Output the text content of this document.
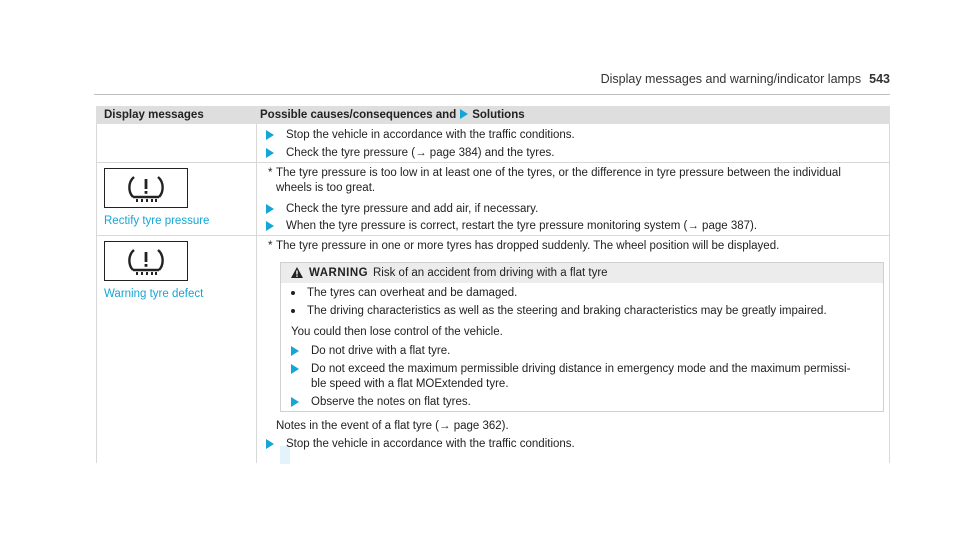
Display messages and warning/indicator lamps 543
Display messages	Possible causes/consequences and Solutions
Stop the vehicle in accordance with the traffic conditions.
Check the tyre pressure (→ page 384) and the tyres.
Rectify tyre pressure
* The tyre pressure is too low in at least one of the tyres, or the difference in tyre pressure between the individual
wheels is too great.
Check the tyre pressure and add air, if necessary.
When the tyre pressure is correct, restart the tyre pressure monitoring system (→ page 387).
Warning tyre defect
* The tyre pressure in one or more tyres has dropped suddenly. The wheel position will be displayed.
WARNING Risk of an accident from driving with a flat tyre
The tyres can overheat and be damaged.
The driving characteristics as well as the steering and braking characteristics may be greatly impaired.
You could then lose control of the vehicle.
Do not drive with a flat tyre.
Do not exceed the maximum permissible driving distance in emergency mode and the maximum permissi-
ble speed with a flat MOExtended tyre.
Observe the notes on flat tyres.
Notes in the event of a flat tyre (→ page 362).
Stop the vehicle in accordance with the traffic conditions.
